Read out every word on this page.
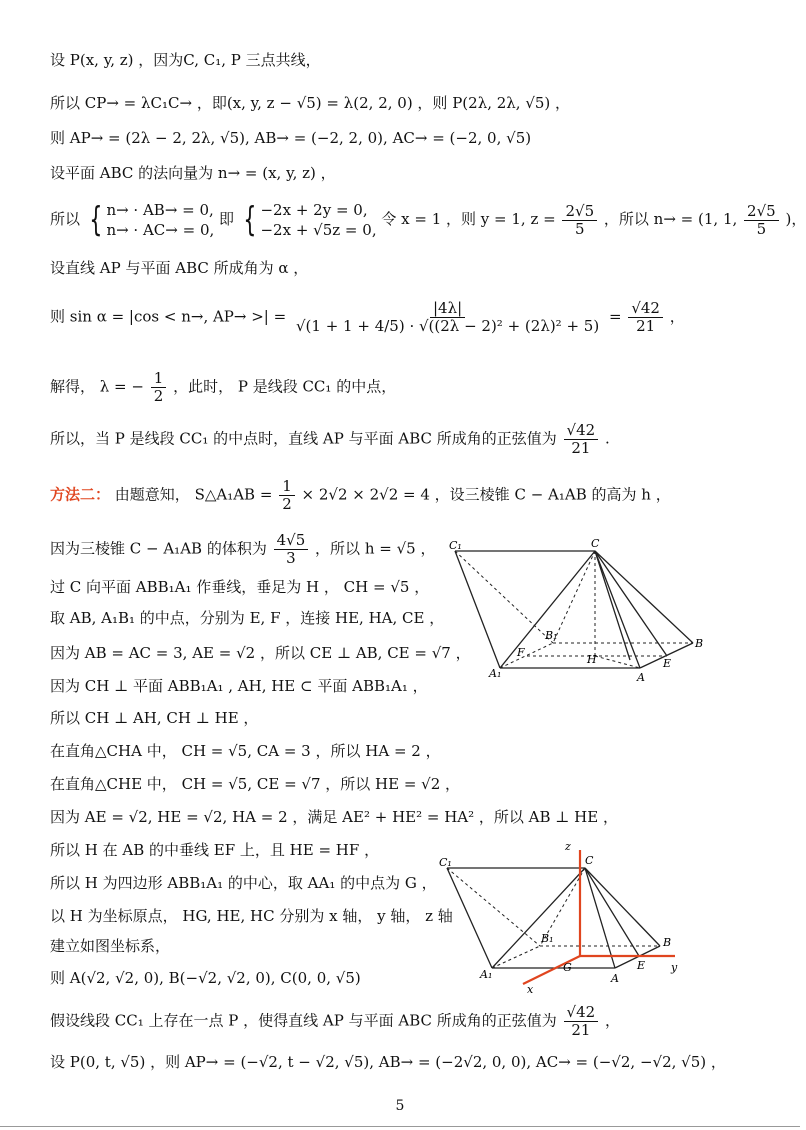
设 P(x, y, z) ，因为C, C₁, P 三点共线，
所以 CP→ = λC₁C→ ，即(x, y, z − √5) = λ(2, 2, 0) ，则 P(2λ, 2λ, √5) ，
则 AP→ = (2λ − 2, 2λ, √5), AB→ = (−2, 2, 0), AC→ = (−2, 0, √5)
设平面 ABC 的法向量为 n→ = (x, y, z) ，
所以 { n→ · AB→ = 0,
n→ · AC→ = 0,
即 { −2x + 2y = 0,
−2x + √5z = 0,
令 x = 1 ，则 y = 1, $z = \frac{2√5}{5}$ ，所以 n→ = (1, 1, $\frac{2√5}{5}$ )，
设直线 AP 与平面 ABC 所成角为 α ，
则 sin α = |cos < n→, AP→ >| = $\frac{|4\lambda|}{\text{√(1 + 1 + 4/5) · √((2λ − 2)² + (2λ)² + 5)}} = \frac{√42}{21}$ ，
解得， λ = − $\frac{1}{2}$ ，此时， P 是线段 CC₁ 的中点，
所以，当 P 是线段 CC₁ 的中点时，直线 AP 与平面 ABC 所成角的正弦值为 $\frac{√42}{21}$ .
方法二： 由题意知， S△A₁AB = $\frac{1}{2} \times 2√2 \times 2√2 = 4$ ，设三棱锥 C − A₁AB 的高为 h ，
因为三棱锥 C − A₁AB 的体积为 $\frac{4√5}{3}$ ，所以 h = √5 ，
过 C 向平面 ABB₁A₁ 作垂线，垂足为 H ， CH = √5 ，
取 AB, A₁B₁ 的中点，分别为 E, F ，连接 HE, HA, CE ，
因为 AB = AC = 3, AE = √2 ，所以 CE ⊥ AB, CE = √7 ，
因为 CH ⊥ 平面 ABB₁A₁ , AH, HE ⊂ 平面 ABB₁A₁ ，
所以 CH ⊥ AH, CH ⊥ HE ，
在直角△CHA 中， CH = √5, CA = 3 ，所以 HA = 2 ，
在直角△CHE 中， CH = √5, CE = √7 ，所以 HE = √2 ，
因为 AE = √2, HE = √2, HA = 2 ，满足 AE² + HE² = HA² ，所以 AB ⊥ HE ，
所以 H 在 AB 的中垂线 EF 上，且 HE = HF ，
所以 H 为四边形 ABB₁A₁ 的中心，取 AA₁ 的中点为 G ，
以 H 为坐标原点， HG, HE, HC 分别为 x 轴， y 轴， z 轴
建立如图坐标系，
则 A(√2, √2, 0), B(−√2, √2, 0), C(0, 0, √5)
假设线段 CC₁ 上存在一点 P ，使得直线 AP 与平面 ABC 所成角的正弦值为 $\frac{√42}{21}$ ，
设 P(0, t, √5) ，则 AP→ = (−√2, t − √2, √5), AB→ = (−2√2, 0, 0), AC→ = (−√2, −√2, √5) ，
C₁	C
B₁
B
F
H	E
A₁	A
z
C₁	C
B₁	B
G	E
A₁	A
x
y
5
